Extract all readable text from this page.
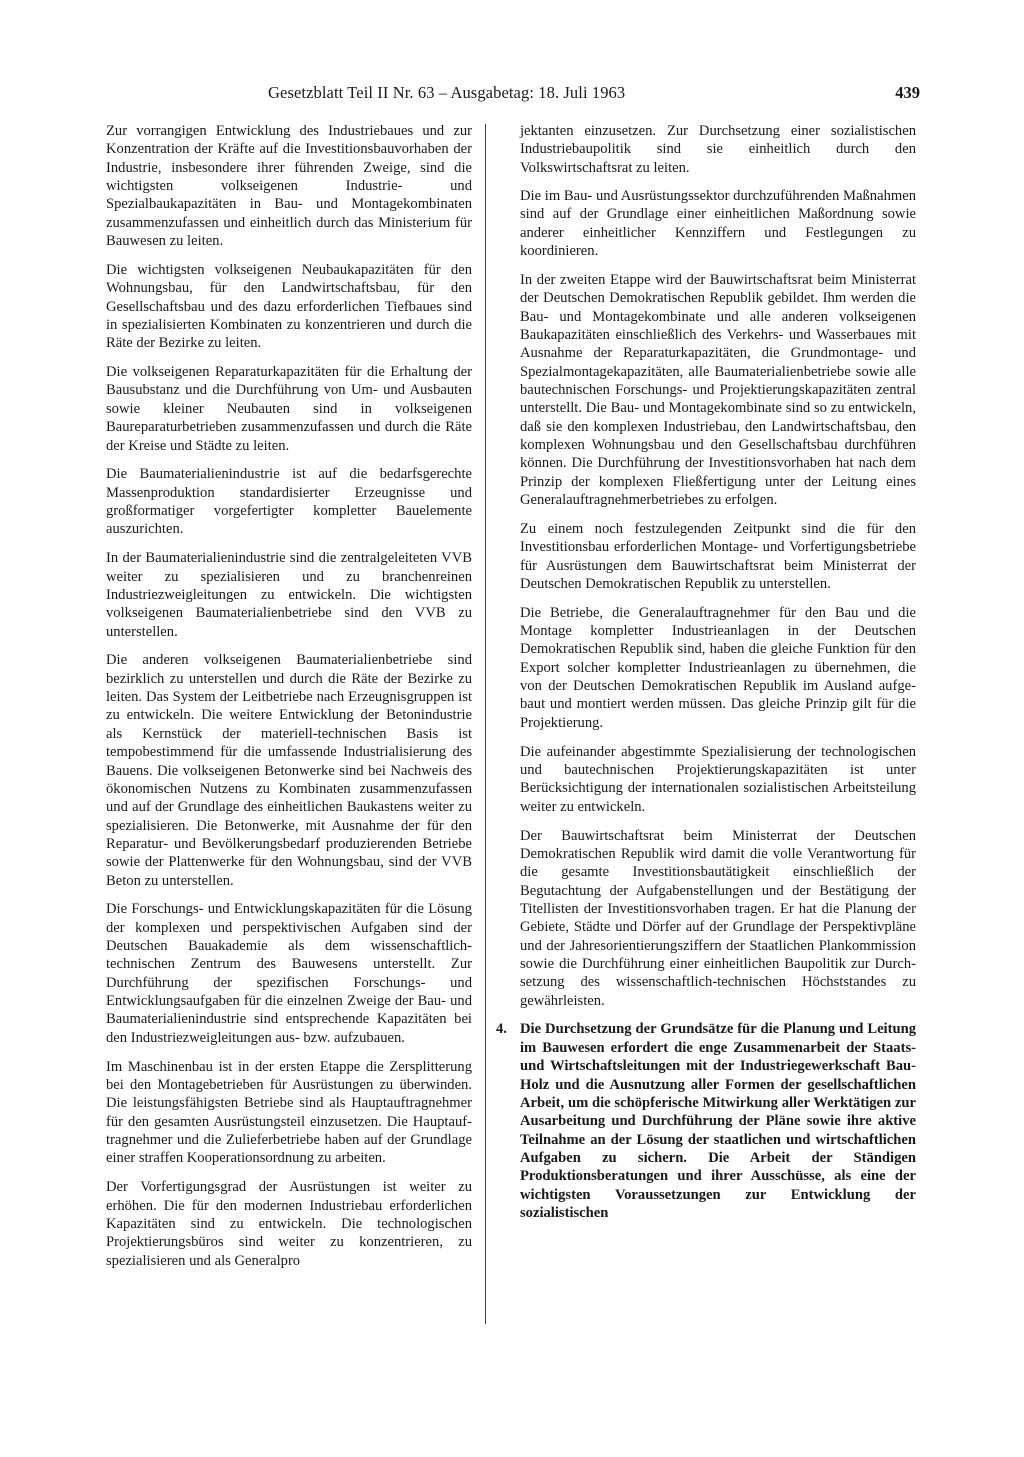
Gesetzblatt Teil II Nr. 63 – Ausgabetag: 18. Juli 1963	439

Zur vorrangigen Entwicklung des Industriebaues und zur Konzentration der Kräfte auf die Investitionsbauvorhaben der Industrie, insbesondere ihrer führenden Zweige, sind die wichtigsten volkseigenen Industrie- und Spezialbaukapazitäten in Bau- und Montagekombinaten zusammenzufassen und einheitlich durch das Ministerium für Bauwesen zu leiten.

Die wichtigsten volkseigenen Neubaukapazitäten für den Wohnungsbau, für den Landwirtschaftsbau, für den Gesellschaftsbau und des dazu erforderlichen Tiefbaues sind in spezialisierten Kombinaten zu konzentrieren und durch die Räte der Bezirke zu leiten.

Die volkseigenen Reparaturkapazitäten für die Erhaltung der Bausubstanz und die Durchführung von Um- und Ausbauten sowie kleiner Neubauten sind in volkseigenen Baureparaturbetrieben zusammenzufassen und durch die Räte der Kreise und Städte zu leiten.

Die Baumaterialienindustrie ist auf die bedarfsgerechte Massenproduktion standardisierter Erzeugnisse und großformatiger vorgefertigter kompletter Bauelemente auszurichten.

In der Baumaterialienindustrie sind die zentralgeleiteten VVB weiter zu spezialisieren und zu branchenreinen Industriezweigleitungen zu entwickeln. Die wichtigsten volkseigenen Baumaterialienbetriebe sind den VVB zu unterstellen.

Die anderen volkseigenen Baumaterialienbetriebe sind bezirklich zu unterstellen und durch die Räte der Bezirke zu leiten. Das System der Leitbetriebe nach Erzeugnisgruppen ist zu entwickeln. Die weitere Entwicklung der Betonindustrie als Kernstück der materiell-technischen Basis ist tempobestimmend für die umfassende Industrialisierung des Bauens. Die volkseigenen Betonwerke sind bei Nachweis des ökonomischen Nutzens zu Kombinaten zusammenzufassen und auf der Grundlage des einheitlichen Baukastens weiter zu spezialisieren. Die Betonwerke, mit Ausnahme der für den Reparatur- und Bevölkerungsbedarf produzierenden Betriebe sowie der Plattenwerke für den Wohnungsbau, sind der VVB Beton zu unterstellen.

Die Forschungs- und Entwicklungskapazitäten für die Lösung der komplexen und perspektivischen Aufgaben sind der Deutschen Bauakademie als dem wissenschaftlich-technischen Zentrum des Bauwesens unterstellt. Zur Durchführung der spezifischen Forschungs- und Entwicklungsaufgaben für die einzelnen Zweige der Bau- und Baumaterialienindustrie sind entsprechende Kapazitäten bei den Industriezweigleitungen aus- bzw. aufzubauen.

Im Maschinenbau ist in der ersten Etappe die Zersplitterung bei den Montagebetrieben für Ausrüstungen zu überwinden. Die leistungsfähigsten Betriebe sind als Hauptauftragnehmer für den gesamten Ausrüstungsteil einzusetzen. Die Hauptauftragnehmer und die Zulieferbetriebe haben auf der Grundlage einer straffen Kooperationsordnung zu arbeiten.

Der Vorfertigungsgrad der Ausrüstungen ist weiter zu erhöhen. Die für den modernen Industriebau erforderlichen Kapazitäten sind zu entwickeln. Die technologischen Projektierungsbüros sind weiter zu konzentrieren, zu spezialisieren und als Generalpro

jektanten einzusetzen. Zur Durchsetzung einer sozialistischen Industriebaupolitik sind sie einheitlich durch den Volkswirtschaftsrat zu leiten.

Die im Bau- und Ausrüstungssektor durchzuführenden Maßnahmen sind auf der Grundlage einer einheitlichen Maßordnung sowie anderer einheitlicher Kennziffern und Festlegungen zu koordinieren.

In der zweiten Etappe wird der Bauwirtschaftsrat beim Ministerrat der Deutschen Demokratischen Republik gebildet. Ihm werden die Bau- und Montagekombinate und alle anderen volkseigenen Baukapazitäten einschließlich des Verkehrs- und Wasserbaues mit Ausnahme der Reparaturkapazitäten, die Grundmontage- und Spezialmontagekapazitäten, alle Baumaterialienbetriebe sowie alle bautechnischen Forschungs- und Projektierungskapazitäten zentral unterstellt. Die Bau- und Montagekombinate sind so zu entwickeln, daß sie den komplexen Industriebau, den Landwirtschaftsbau, den komplexen Wohnungsbau und den Gesellschaftsbau durchführen können. Die Durchführung der Investitionsvorhaben hat nach dem Prinzip der komplexen Fließfertigung unter der Leitung eines Generalauftragnehmerbetriebes zu erfolgen.

Zu einem noch festzulegenden Zeitpunkt sind die für den Investitionsbau erforderlichen Montage- und Vorfertigungsbetriebe für Ausrüstungen dem Bauwirtschaftsrat beim Ministerrat der Deutschen Demokratischen Republik zu unterstellen.

Die Betriebe, die Generalauftragnehmer für den Bau und die Montage kompletter Industrieanlagen in der Deutschen Demokratischen Republik sind, haben die gleiche Funktion für den Export solcher kompletter Industrieanlagen zu übernehmen, die von der Deutschen Demokratischen Republik im Ausland aufgebaut und montiert werden müssen. Das gleiche Prinzip gilt für die Projektierung.

Die aufeinander abgestimmte Spezialisierung der technologischen und bautechnischen Projektierungskapazitäten ist unter Berücksichtigung der internationalen sozialistischen Arbeitsteilung weiter zu entwickeln.

Der Bauwirtschaftsrat beim Ministerrat der Deutschen Demokratischen Republik wird damit die volle Verantwortung für die gesamte Investitionsbautätigkeit einschließlich der Begutachtung der Aufgabenstellungen und der Bestätigung der Titellisten der Investitionsvorhaben tragen. Er hat die Planung der Gebiete, Städte und Dörfer auf der Grundlage der Perspektivpläne und der Jahresorientierungsziffern der Staatlichen Plankommission sowie die Durchführung einer einheitlichen Baupolitik zur Durchsetzung des wissenschaftlich-technischen Höchststandes zu gewährleisten.

4. Die Durchsetzung der Grundsätze für die Planung und Leitung im Bauwesen erfordert die enge Zusammenarbeit der Staats- und Wirtschaftsleitungen mit der Industriegewerkschaft Bau-Holz und die Ausnutzung aller Formen der gesellschaftlichen Arbeit, um die schöpferische Mitwirkung aller Werktätigen zur Ausarbeitung und Durchführung der Pläne sowie ihre aktive Teilnahme an der Lösung der staatlichen und wirtschaftlichen Aufgaben zu sichern. Die Arbeit der Ständigen Produktionsberatungen und ihrer Ausschüsse, als eine der wichtigsten Voraussetzungen zur Entwicklung der sozialistischen
